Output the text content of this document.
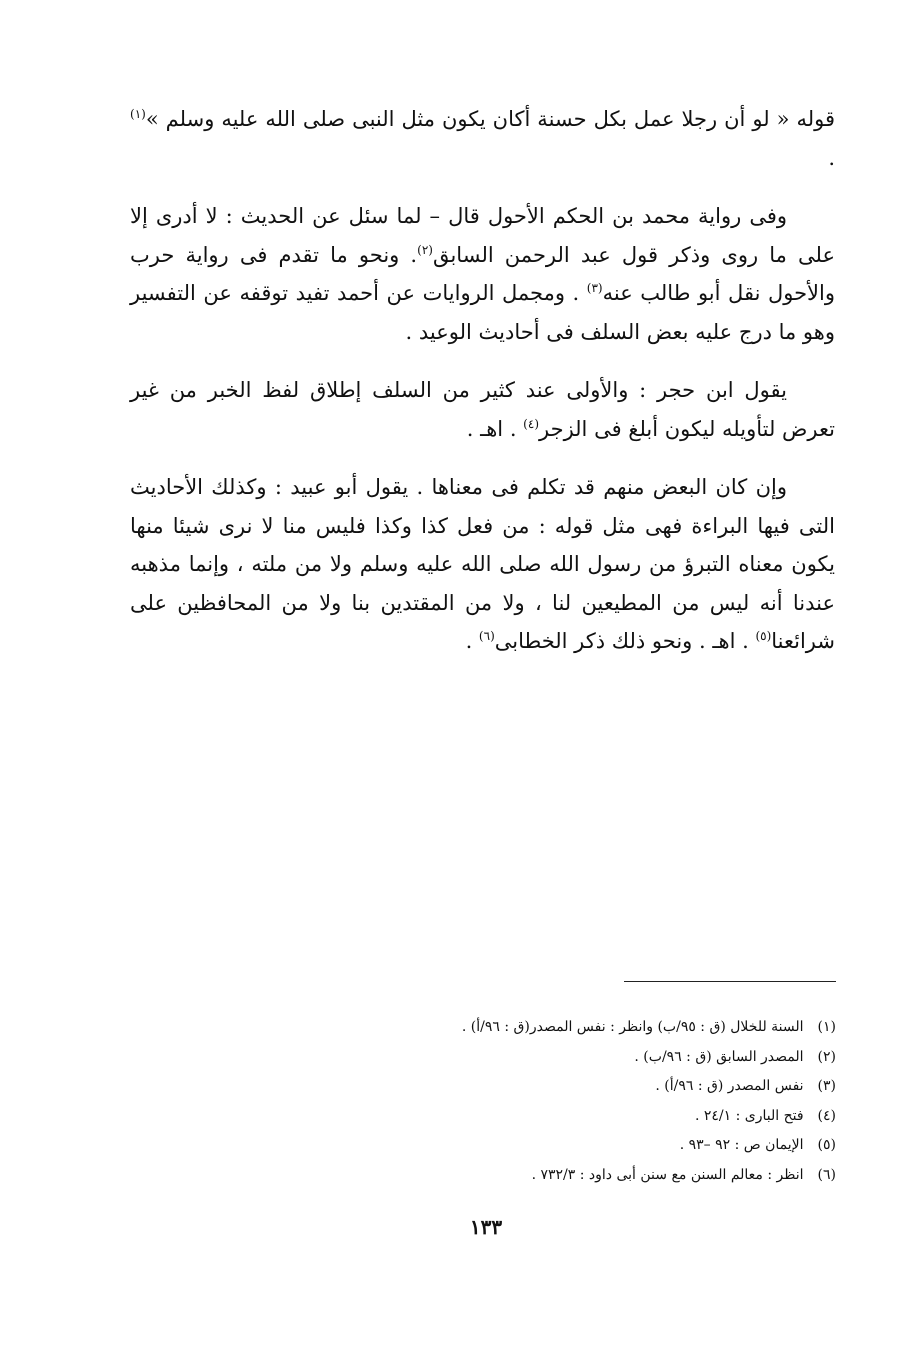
قوله « لو أن رجلا عمل بكل حسنة أكان يكون مثل النبى صلى الله عليه وسلم »$^{(١)}$ .

وفى رواية محمد بن الحكم الأحول قال – لما سئل عن الحديث : لا أدرى إلا على ما روى وذكر قول عبد الرحمن السابق$^{(٢)}$. ونحو ما تقدم فى رواية حرب والأحول نقل أبو طالب عنه$^{(٣)}$ . ومجمل الروايات عن أحمد تفيد توقفه عن التفسير وهو ما درج عليه بعض السلف فى أحاديث الوعيد .

يقول ابن حجر : والأولى عند كثير من السلف إطلاق لفظ الخبر من غير تعرض لتأويله ليكون أبلغ فى الزجر$^{(٤)}$ . اهـ .

وإن كان البعض منهم قد تكلم فى معناها . يقول أبو عبيد : وكذلك الأحاديث التى فيها البراءة فهى مثل قوله : من فعل كذا وكذا فليس منا لا نرى شيئا منها يكون معناه التبرؤ من رسول الله صلى الله عليه وسلم ولا من ملته ، وإنما مذهبه عندنا أنه ليس من المطيعين لنا ، ولا من المقتدين بنا ولا من المحافظين على شرائعنا$^{(٥)}$ . اهـ . ونحو ذلك ذكر الخطابى$^{(٦)}$ .

(١) السنة للخلال (ق : ٩٥/ب) وانظر : نفس المصدر(ق : ٩٦/أ) .

(٢) المصدر السابق (ق : ٩٦/ب) .

(٣) نفس المصدر (ق : ٩٦/أ) .

(٤) فتح البارى : ٢٤/١ .

(٥) الإيمان ص : ٩٢ –٩٣ .

(٦) انظر : معالم السنن مع سنن أبى داود : ٧٣٢/٣ .

١٣٣
